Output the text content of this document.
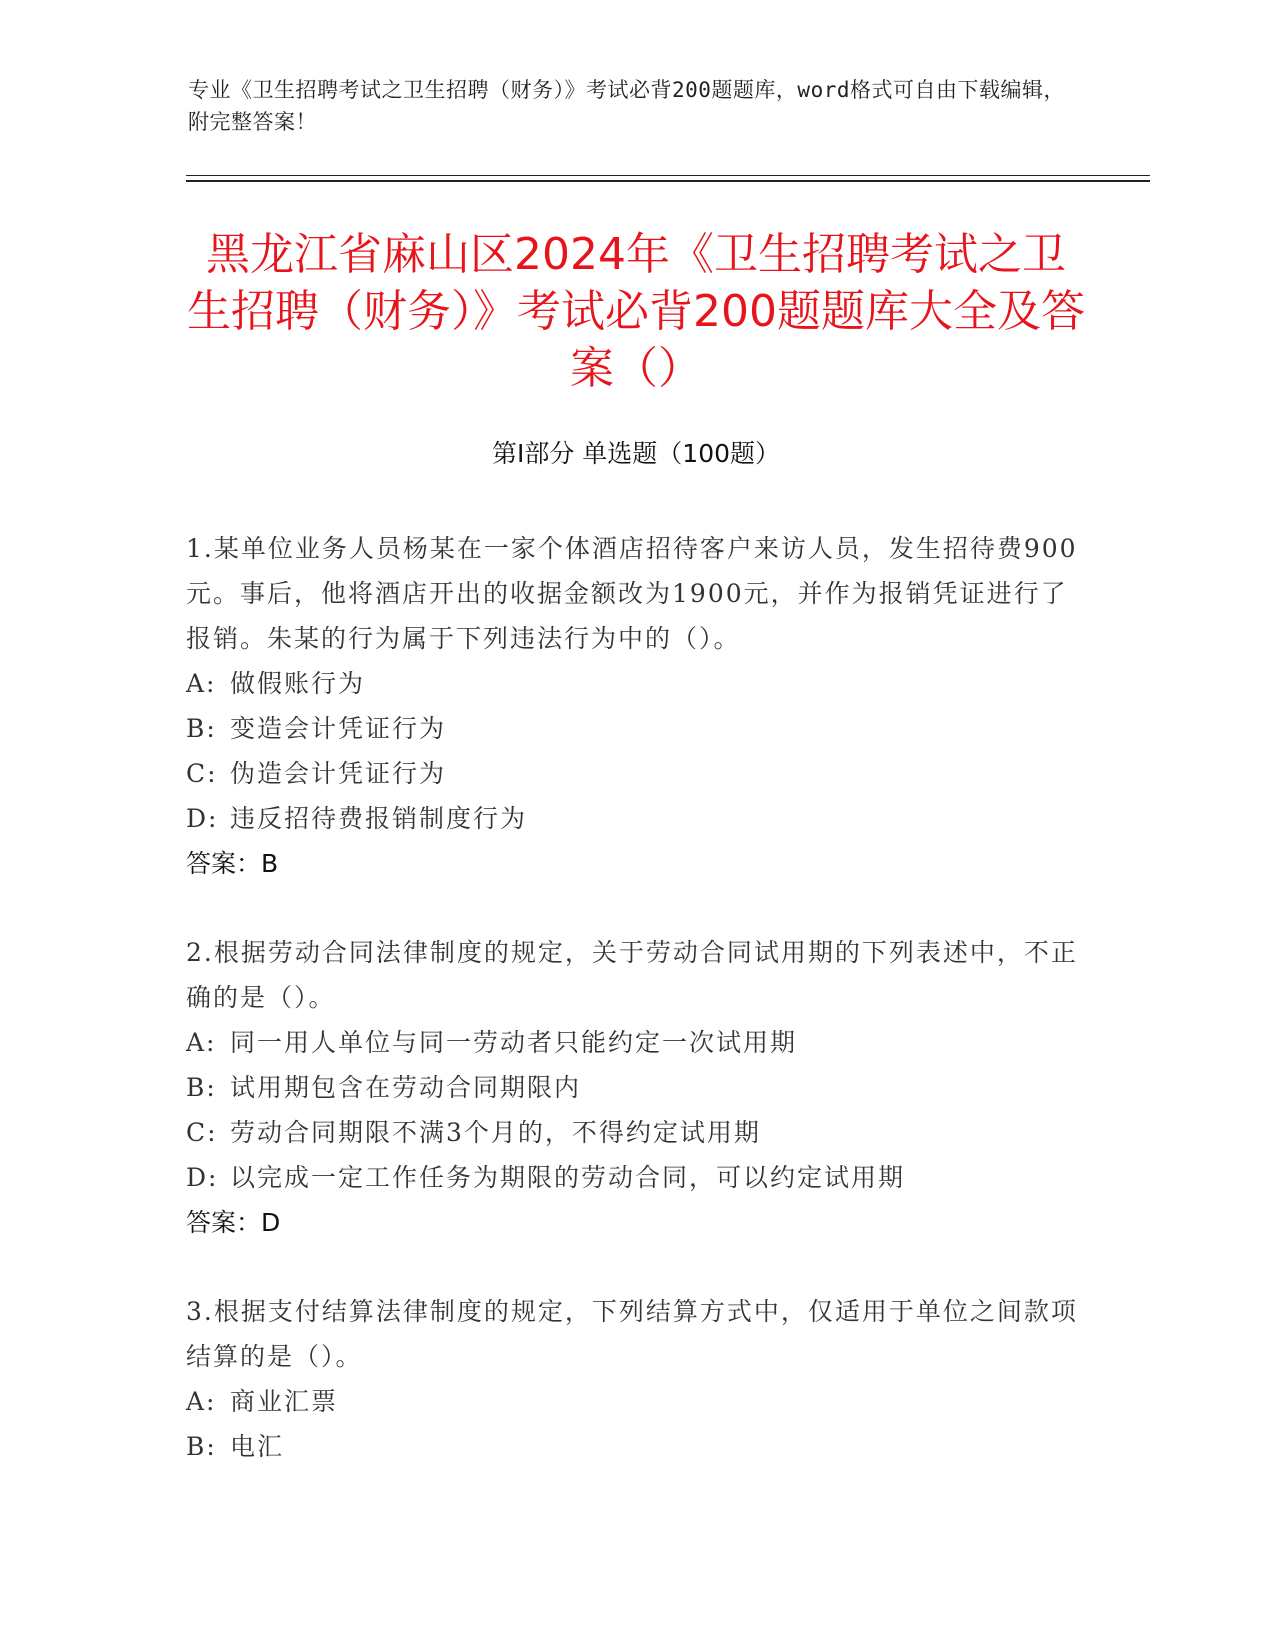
专业《卫生招聘考试之卫生招聘（财务）》考试必背200题题库，word格式可自由下载编辑，附完整答案！
黑龙江省麻山区2024年《卫生招聘考试之卫生招聘（财务）》考试必背200题题库大全及答案（）
第I部分 单选题（100题）
1.某单位业务人员杨某在一家个体酒店招待客户来访人员，发生招待费900元。事后，他将酒店开出的收据金额改为1900元，并作为报销凭证进行了报销。朱某的行为属于下列违法行为中的（）。
A: 做假账行为
B: 变造会计凭证行为
C: 伪造会计凭证行为
D: 违反招待费报销制度行为
答案：B
2.根据劳动合同法律制度的规定，关于劳动合同试用期的下列表述中，不正确的是（）。
A: 同一用人单位与同一劳动者只能约定一次试用期
B: 试用期包含在劳动合同期限内
C: 劳动合同期限不满3个月的，不得约定试用期
D: 以完成一定工作任务为期限的劳动合同，可以约定试用期
答案：D
3.根据支付结算法律制度的规定，下列结算方式中，仅适用于单位之间款项结算的是（）。
A: 商业汇票
B: 电汇
